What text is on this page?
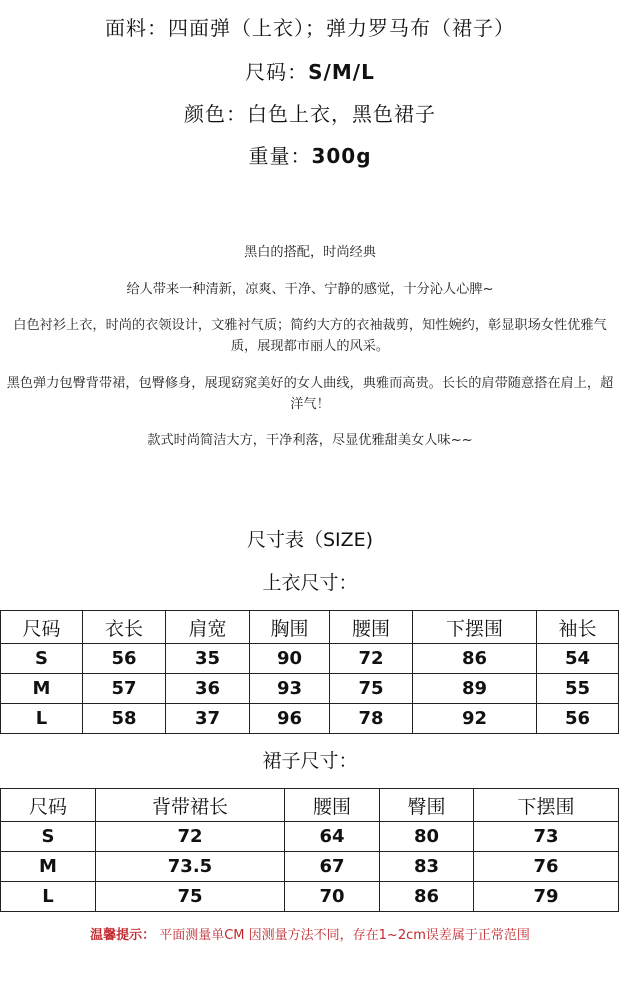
面料：四面弹（上衣）；弹力罗马布（裙子）
尺码：S/M/L
颜色：白色上衣，黑色裙子
重量：300g
黑白的搭配，时尚经典
给人带来一种清新，凉爽、干净、宁静的感觉，十分沁人心脾~
白色衬衫上衣，时尚的衣领设计，文雅衬气质；简约大方的衣袖裁剪，知性婉约，彰显职场女性优雅气质，展现都市丽人的风采。
黑色弹力包臀背带裙，包臀修身，展现窈窕美好的女人曲线，典雅而高贵。长长的肩带随意搭在肩上，超洋气！
款式时尚简洁大方，干净利落，尽显优雅甜美女人味~~
尺寸表（SIZE)
上衣尺寸：
尺码	衣长	肩宽	胸围	腰围	下摆围	袖长
S	56	35	90	72	86	54
M	57	36	93	75	89	55
L	58	37	96	78	92	56
裙子尺寸：
尺码	背带裙长	腰围	臀围	下摆围
S	72	64	80	73
M	73.5	67	83	76
L	75	70	86	79
温馨提示： 平面测量单CM 因测量方法不同，存在1~2cm误差属于正常范围
